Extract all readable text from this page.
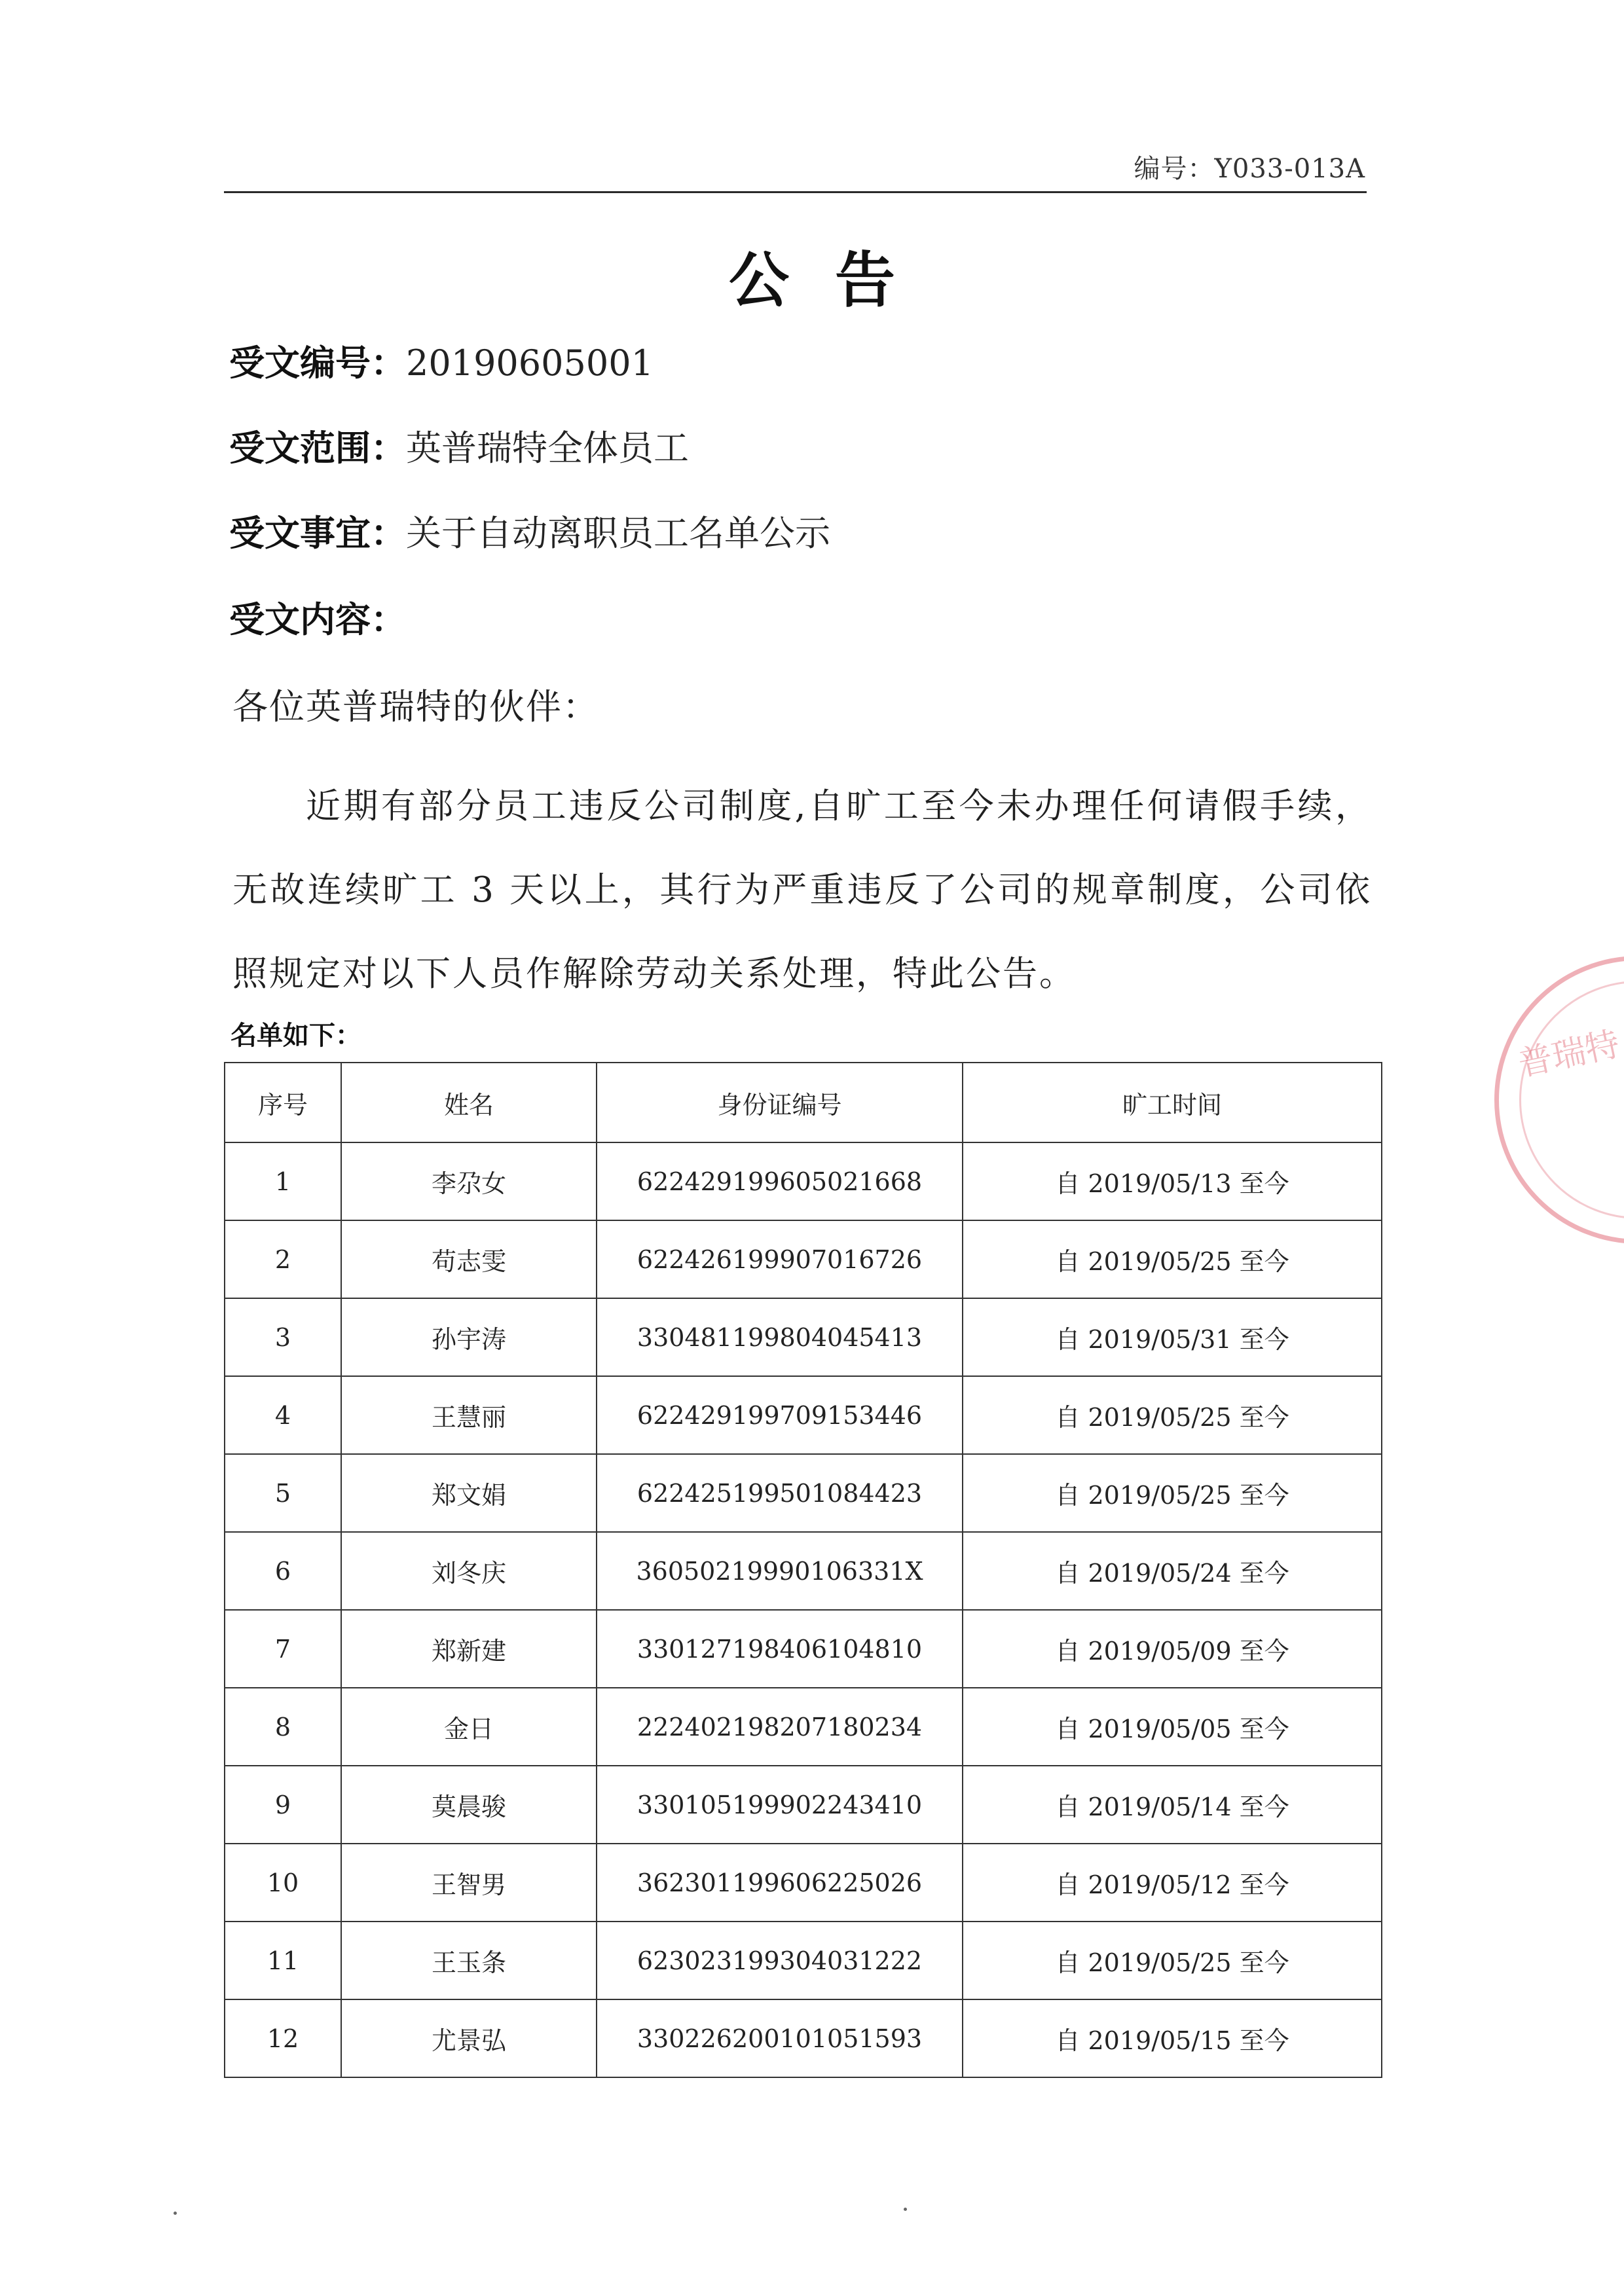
编号：Y033-013A
公告
受文编号：20190605001
受文范围：英普瑞特全体员工
受文事宜：关于自动离职员工名单公示
受文内容：
各位英普瑞特的伙伴：
近期有部分员工违反公司制度,自旷工至今未办理任何请假手续，无故连续旷工 3 天以上，其行为严重违反了公司的规章制度，公司依照规定对以下人员作解除劳动关系处理，特此公告。
名单如下：
序号	姓名	身份证编号	旷工时间
1	李尕女	622429199605021668	自 2019/05/13 至今
2	苟志雯	622426199907016726	自 2019/05/25 至今
3	孙宇涛	330481199804045413	自 2019/05/31 至今
4	王慧丽	622429199709153446	自 2019/05/25 至今
5	郑文娟	622425199501084423	自 2019/05/25 至今
6	刘冬庆	36050219990106331X	自 2019/05/24 至今
7	郑新建	330127198406104810	自 2019/05/09 至今
8	金日	222402198207180234	自 2019/05/05 至今
9	莫晨骏	330105199902243410	自 2019/05/14 至今
10	王智男	362301199606225026	自 2019/05/12 至今
11	王玉条	623023199304031222	自 2019/05/25 至今
12	尤景弘	330226200101051593	自 2019/05/15 至今
普瑞特
